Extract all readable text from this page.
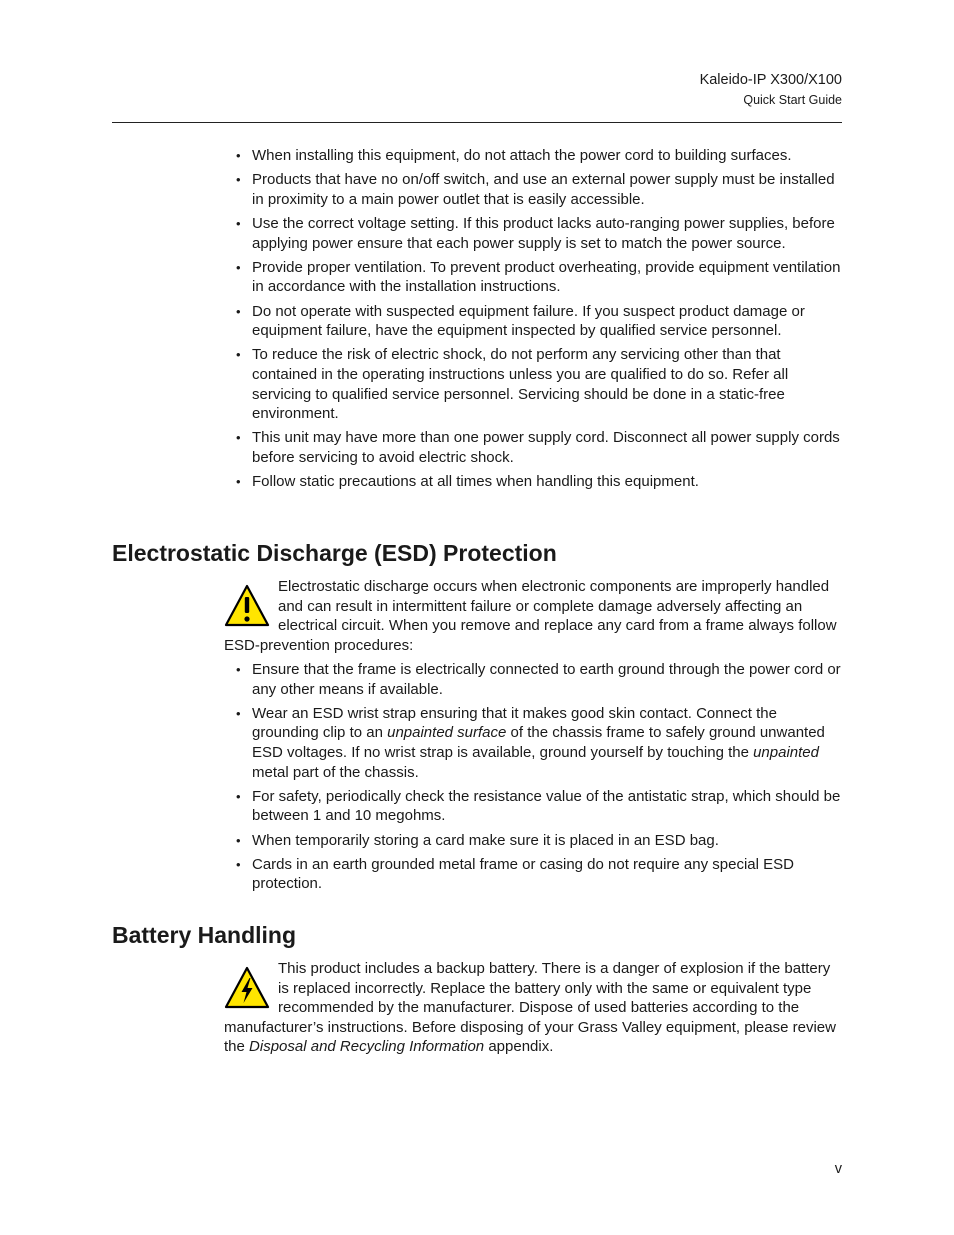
Kaleido-IP X300/X100
Quick Start Guide
• When installing this equipment, do not attach the power cord to building surfaces.
• Products that have no on/off switch, and use an external power supply must be installed in proximity to a main power outlet that is easily accessible.
• Use the correct voltage setting. If this product lacks auto-ranging power supplies, before applying power ensure that each power supply is set to match the power source.
• Provide proper ventilation. To prevent product overheating, provide equipment ventilation in accordance with the installation instructions.
• Do not operate with suspected equipment failure. If you suspect product damage or equipment failure, have the equipment inspected by qualified service personnel.
• To reduce the risk of electric shock, do not perform any servicing other than that contained in the operating instructions unless you are qualified to do so. Refer all servicing to qualified service personnel. Servicing should be done in a static-free environment.
• This unit may have more than one power supply cord. Disconnect all power supply cords before servicing to avoid electric shock.
• Follow static precautions at all times when handling this equipment.
Electrostatic Discharge (ESD) Protection

Electrostatic discharge occurs when electronic components are improperly handled and can result in intermittent failure or complete damage adversely affecting an electrical circuit. When you remove and replace any card from a frame always follow ESD-prevention procedures:

• Ensure that the frame is electrically connected to earth ground through the power cord or any other means if available.
• Wear an ESD wrist strap ensuring that it makes good skin contact. Connect the grounding clip to an unpainted surface of the chassis frame to safely ground unwanted ESD voltages. If no wrist strap is available, ground yourself by touching the unpainted metal part of the chassis.
• For safety, periodically check the resistance value of the antistatic strap, which should be between 1 and 10 megohms.
• When temporarily storing a card make sure it is placed in an ESD bag.
• Cards in an earth grounded metal frame or casing do not require any special ESD protection.
Battery Handling

This product includes a backup battery. There is a danger of explosion if the battery is replaced incorrectly. Replace the battery only with the same or equivalent type recommended by the manufacturer. Dispose of used batteries according to the manufacturer’s instructions. Before disposing of your Grass Valley equipment, please review the Disposal and Recycling Information appendix.

v
